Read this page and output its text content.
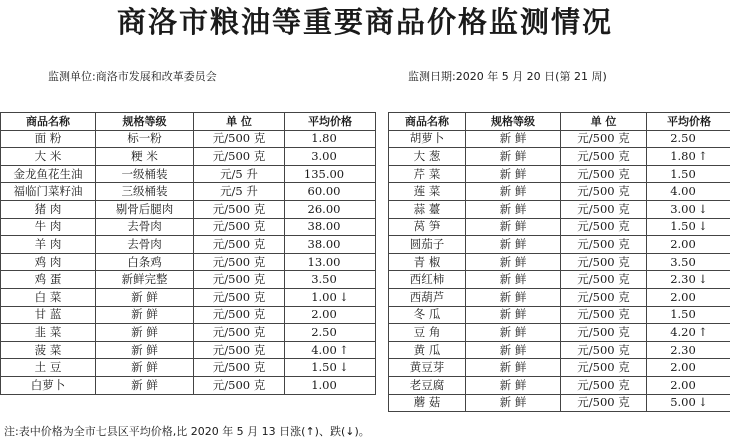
商洛市粮油等重要商品价格监测情况
监测单位:商洛市发展和改革委员会	监测日期:2020 年 5 月 20 日(第 21 周)
商品名称	规格等级	单 位	平均价格
面 粉	标一粉	元/500 克	1.80
大 米	粳 米	元/500 克	3.00
金龙鱼花生油	一级桶装	元/5 升	135.00
福临门菜籽油	三级桶装	元/5 升	60.00
猪 肉	剔骨后腿肉	元/500 克	26.00
牛 肉	去骨肉	元/500 克	38.00
羊 肉	去骨肉	元/500 克	38.00
鸡 肉	白条鸡	元/500 克	13.00
鸡 蛋	新鲜完整	元/500 克	3.50
白 菜	新 鲜	元/500 克	1.00 ↓
甘 蓝	新 鲜	元/500 克	2.00
韭 菜	新 鲜	元/500 克	2.50
菠 菜	新 鲜	元/500 克	4.00 ↑
土 豆	新 鲜	元/500 克	1.50 ↓
白萝卜	新 鲜	元/500 克	1.00
商品名称	规格等级	单 位	平均价格
胡萝卜	新 鲜	元/500 克	2.50
大 葱	新 鲜	元/500 克	1.80 ↑
芹 菜	新 鲜	元/500 克	1.50
莲 菜	新 鲜	元/500 克	4.00
蒜 薹	新 鲜	元/500 克	3.00 ↓
莴 笋	新 鲜	元/500 克	1.50 ↓
圆茄子	新 鲜	元/500 克	2.00
青 椒	新 鲜	元/500 克	3.50
西红柿	新 鲜	元/500 克	2.30 ↓
西葫芦	新 鲜	元/500 克	2.00
冬 瓜	新 鲜	元/500 克	1.50
豆 角	新 鲜	元/500 克	4.20 ↑
黄 瓜	新 鲜	元/500 克	2.30
黄豆芽	新 鲜	元/500 克	2.00
老豆腐	新 鲜	元/500 克	2.00
蘑 菇	新 鲜	元/500 克	5.00 ↓
注:表中价格为全市七县区平均价格,比 2020 年 5 月 13 日涨(↑)、跌(↓)。
